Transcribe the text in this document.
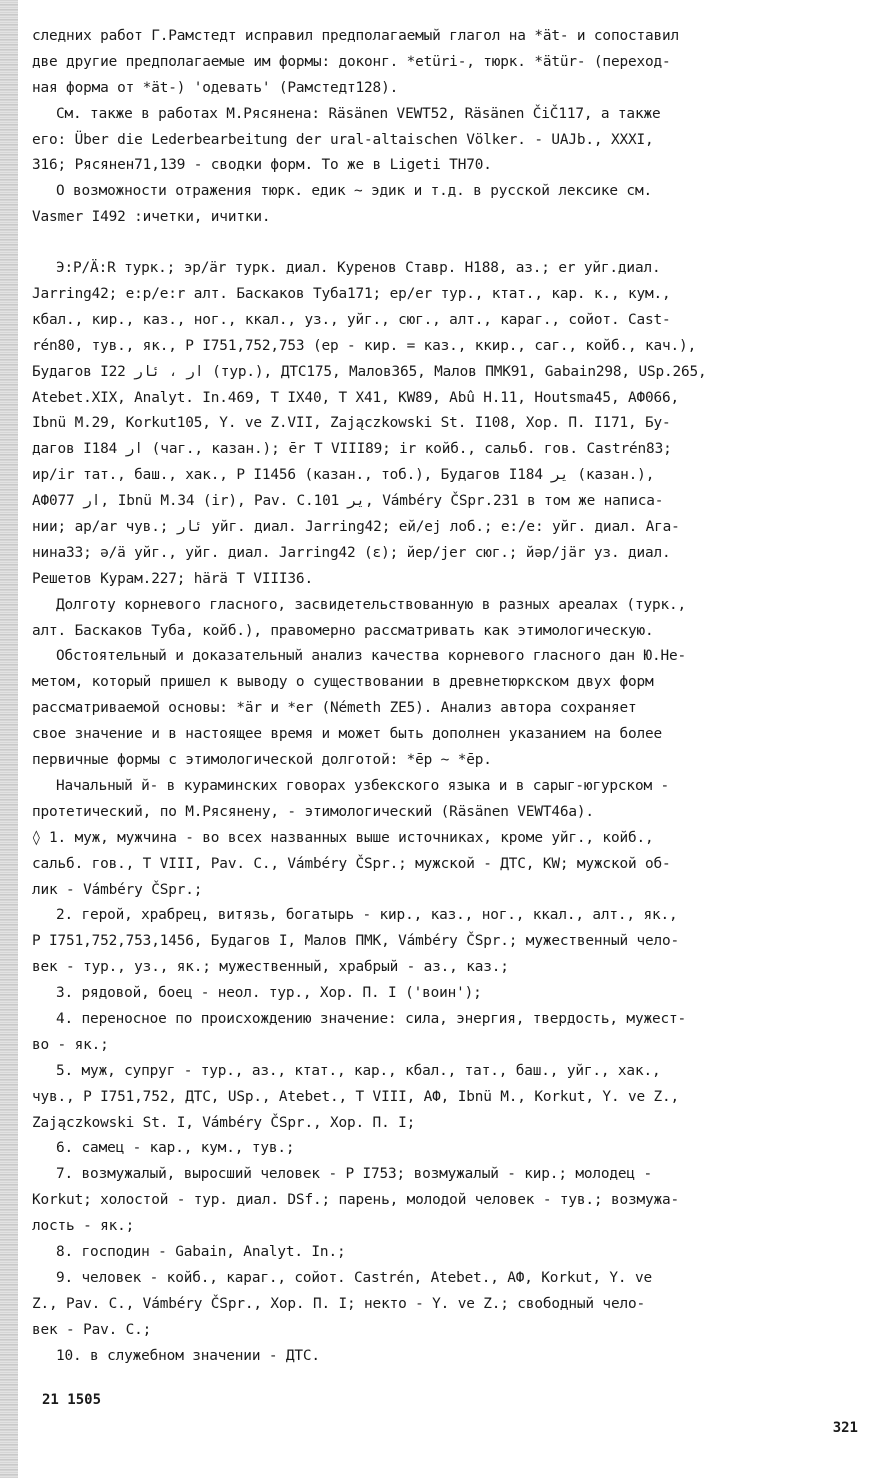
следних работ Г.Рамстедт исправил предполагаемый глагол на *ät- и сопоставил
две другие предполагаемые им формы: доконг. *etüri-, тюрк. *ätür- (переход-
ная форма от *ät-) 'одевать' (Рамстедт128).
См. также в работах М.Рясянена: Räsänen VEWT52, Räsänen ČiČ117, а также
его: Über die Lederbearbeitung der ural-altaischen Völker. - UAJb., XXXI,
316; Рясянен71,139 - сводки форм. То же в Ligeti TH70.
О возможности отражения тюрк. едик ~ эдик и т.д. в русской лексике см.
Vasmer I492 :ичетки, ичитки.
Э:Р/Ä:R турк.; эр/är турк. диал. Куренов Ставр. Н188, аз.; er уйг.диал.
Jarring42; е:р/е:r алт. Баскаков Туба171; ер/er тур., ктат., кар. к., кум.,
кбал., кир., каз., ног., ккал., уз., уйг., сюг., алт., караг., сойот. Cast-
rén80, тув., як., Р I751,752,753 (ер - кир. = каз., ккир., саг., койб., кач.),
Будагов I22 ار ، ئار (тур.), ДТС175, Малов365, Малов ПМК91, Gabain298, USp.265,
Atebet.XIX, Analyt. In.469, T IX40, T X41, KW89, Abû H.11, Houtsma45, АФ066,
Ibnü M.29, Korkut105, Y. ve Z.VII, Zajączkowski St. I108, Хор. П. I171, Бу-
дагов I184 ار (чаг., казан.); ēr T VIII89; ir койб., сальб. гов. Castrén83;
ир/ir тат., баш., хак., Р I1456 (казан., тоб.), Будагов I184 ير (казан.),
АФ077 ار, Ibnü M.34 (ir), Pav. C.101 ير, Vámbéry ČSpr.231 в том же написа-
нии; ар/ar чув.; ئار уйг. диал. Jarring42; ей/ej лоб.; е:/е: уйг. диал. Ага-
нина33; ә/ä уйг., уйг. диал. Jarring42 (ɛ); йер/jer сюг.; йәр/jär уз. диал.
Решетов Курам.227; härä T VIII36.
Долготу корневого гласного, засвидетельствованную в разных ареалах (турк.,
алт. Баскаков Туба, койб.), правомерно рассматривать как этимологическую.
Обстоятельный и доказательный анализ качества корневого гласного дан Ю.Не-
метом, который пришел к выводу о существовании в древнетюркском двух форм
рассматриваемой основы: *är и *er (Németh ZE5). Анализ автора сохраняет
свое значение и в настоящее время и может быть дополнен указанием на более
первичные формы с этимологической долготой: *ēр ~ *ēр.
Начальный й- в кураминских говорах узбекского языка и в сарыг-югурском -
протетический, по М.Рясянену, - этимологический (Räsänen VEWT46a).
◊ 1. муж, мужчина - во всех названных выше источниках, кроме уйг., койб.,
сальб. гов., T VIII, Pav. C., Vámbéry ČSpr.; мужской - ДТС, KW; мужской об-
лик - Vámbéry ČSpr.;
2. герой, храбрец, витязь, богатырь - кир., каз., ног., ккал., алт., як.,
Р I751,752,753,1456, Будагов I, Малов ПМК, Vámbéry ČSpr.; мужественный чело-
век - тур., уз., як.; мужественный, храбрый - аз., каз.;
3. рядовой, боец - неол. тур., Хор. П. I ('воин');
4. переносное по происхождению значение: сила, энергия, твердость, мужест-
во - як.;
5. муж, супруг - тур., аз., ктат., кар., кбал., тат., баш., уйг., хак.,
чув., Р I751,752, ДТС, USp., Atebet., T VIII, АФ, Ibnü M., Korkut, Y. ve Z.,
Zajączkowski St. I, Vámbéry ČSpr., Хор. П. I;
6. самец - кар., кум., тув.;
7. возмужалый, выросший человек - Р I753; возмужалый - кир.; молодец -
Korkut; холостой - тур. диал. DSf.; парень, молодой человек - тув.; возмужа-
лость - як.;
8. господин - Gabain, Analyt. In.;
9. человек - койб., караг., сойот. Castrén, Atebet., АФ, Korkut, Y. ve
Z., Pav. C., Vámbéry ČSpr., Хор. П. I; некто - Y. ve Z.; свободный чело-
век - Pav. C.;
10. в служебном значении - ДТС.
21 1505
321
